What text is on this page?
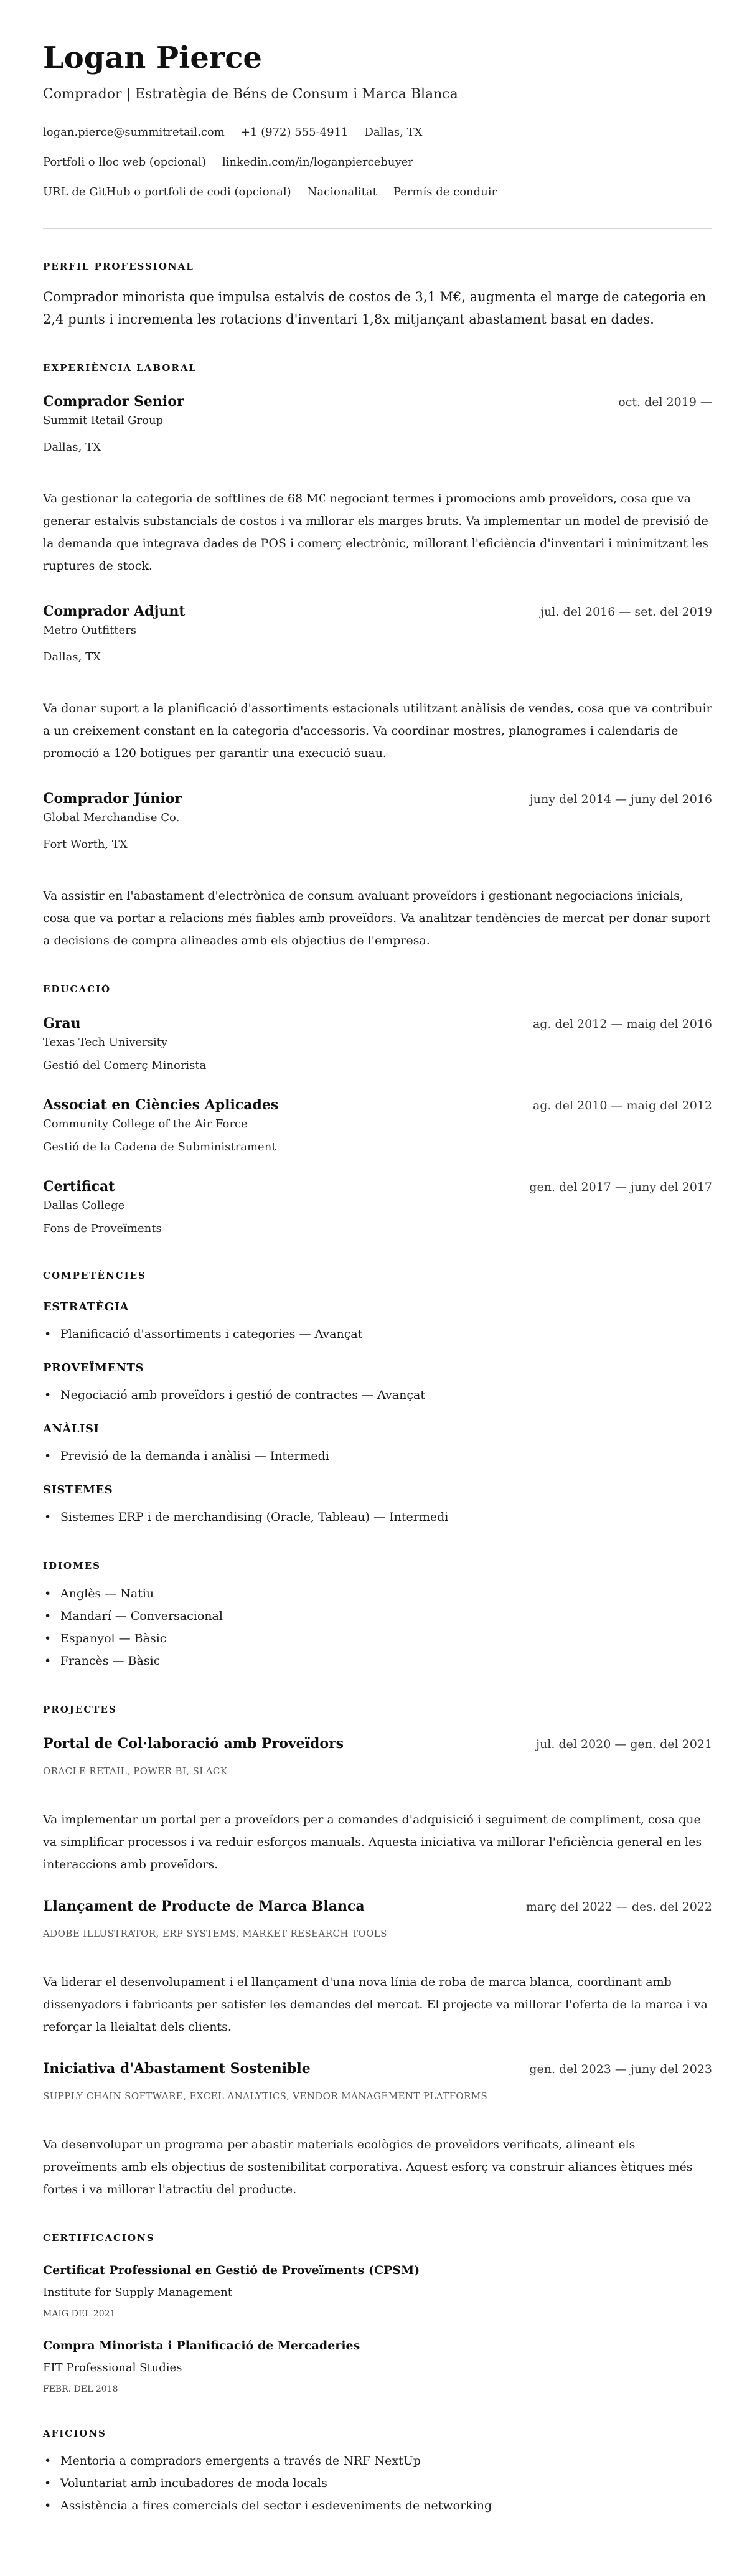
Logan Pierce
Comprador | Estratègia de Béns de Consum i Marca Blanca
logan.pierce@summitretail.com +1 (972) 555-4911 Dallas, TX
Portfoli o lloc web (opcional) linkedin.com/in/loganpiercebuyer
URL de GitHub o portfoli de codi (opcional) Nacionalitat Permís de conduir
PERFIL PROFESSIONAL
Comprador minorista que impulsa estalvis de costos de 3,1 M€, augmenta el marge de categoria en 2,4 punts i incrementa les rotacions d'inventari 1,8x mitjançant abastament basat en dades.
EXPERIÈNCIA LABORAL
Comprador Senior	oct. del 2019 —
Summit Retail Group
Dallas, TX
Va gestionar la categoria de softlines de 68 M€ negociant termes i promocions amb proveïdors, cosa que va generar estalvis substancials de costos i va millorar els marges bruts. Va implementar un model de previsió de la demanda que integrava dades de POS i comerç electrònic, millorant l'eficiència d'inventari i minimitzant les ruptures de stock.
Comprador Adjunt	jul. del 2016 — set. del 2019
Metro Outfitters
Dallas, TX
Va donar suport a la planificació d'assortiments estacionals utilitzant anàlisis de vendes, cosa que va contribuir a un creixement constant en la categoria d'accessoris. Va coordinar mostres, planogrames i calendaris de promoció a 120 botigues per garantir una execució suau.
Comprador Júnior	juny del 2014 — juny del 2016
Global Merchandise Co.
Fort Worth, TX
Va assistir en l'abastament d'electrònica de consum avaluant proveïdors i gestionant negociacions inicials, cosa que va portar a relacions més fiables amb proveïdors. Va analitzar tendències de mercat per donar suport a decisions de compra alineades amb els objectius de l'empresa.
EDUCACIÓ
Grau	ag. del 2012 — maig del 2016
Texas Tech University
Gestió del Comerç Minorista
Associat en Ciències Aplicades	ag. del 2010 — maig del 2012
Community College of the Air Force
Gestió de la Cadena de Subministrament
Certificat	gen. del 2017 — juny del 2017
Dallas College
Fons de Proveïments
COMPETÈNCIES
ESTRATÈGIA
• Planificació d'assortiments i categories — Avançat
PROVEÏMENTS
• Negociació amb proveïdors i gestió de contractes — Avançat
ANÀLISI
• Previsió de la demanda i anàlisi — Intermedi
SISTEMES
• Sistemes ERP i de merchandising (Oracle, Tableau) — Intermedi
IDIOMES
• Anglès — Natiu
• Mandarí — Conversacional
• Espanyol — Bàsic
• Francès — Bàsic
PROJECTES
Portal de Col·laboració amb Proveïdors	jul. del 2020 — gen. del 2021
ORACLE RETAIL, POWER BI, SLACK
Va implementar un portal per a proveïdors per a comandes d'adquisició i seguiment de compliment, cosa que va simplificar processos i va reduir esforços manuals. Aquesta iniciativa va millorar l'eficiència general en les interaccions amb proveïdors.
Llançament de Producte de Marca Blanca	març del 2022 — des. del 2022
ADOBE ILLUSTRATOR, ERP SYSTEMS, MARKET RESEARCH TOOLS
Va liderar el desenvolupament i el llançament d'una nova línia de roba de marca blanca, coordinant amb dissenyadors i fabricants per satisfer les demandes del mercat. El projecte va millorar l'oferta de la marca i va reforçar la lleialtat dels clients.
Iniciativa d'Abastament Sostenible	gen. del 2023 — juny del 2023
SUPPLY CHAIN SOFTWARE, EXCEL ANALYTICS, VENDOR MANAGEMENT PLATFORMS
Va desenvolupar un programa per abastir materials ecològics de proveïdors verificats, alineant els proveïments amb els objectius de sostenibilitat corporativa. Aquest esforç va construir aliances ètiques més fortes i va millorar l'atractiu del producte.
CERTIFICACIONS
Certificat Professional en Gestió de Proveïments (CPSM)
Institute for Supply Management
MAIG DEL 2021
Compra Minorista i Planificació de Mercaderies
FIT Professional Studies
FEBR. DEL 2018
AFICIONS
• Mentoria a compradors emergents a través de NRF NextUp
• Voluntariat amb incubadores de moda locals
• Assistència a fires comercials del sector i esdeveniments de networking
